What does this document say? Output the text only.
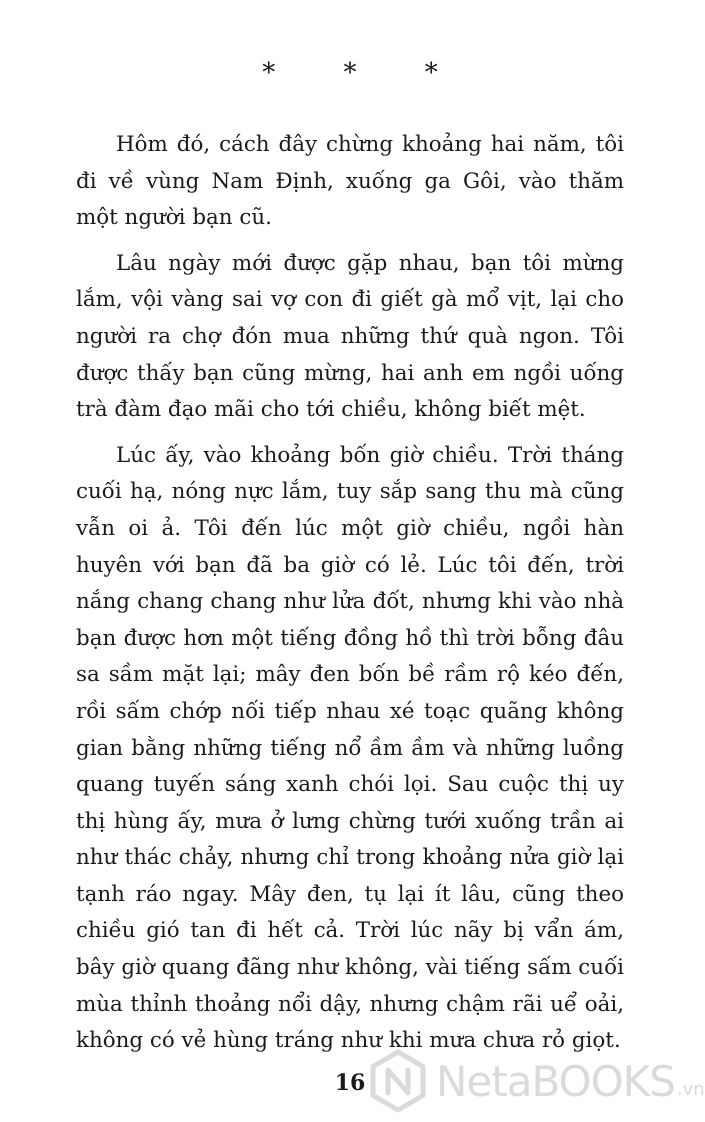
* * *

Hôm đó, cách đây chừng khoảng hai năm, tôi đi về vùng Nam Định, xuống ga Gôi, vào thăm một người bạn cũ.

Lâu ngày mới được gặp nhau, bạn tôi mừng lắm, vội vàng sai vợ con đi giết gà mổ vịt, lại cho người ra chợ đón mua những thứ quà ngon. Tôi được thấy bạn cũng mừng, hai anh em ngồi uống trà đàm đạo mãi cho tới chiều, không biết mệt.

Lúc ấy, vào khoảng bốn giờ chiều. Trời tháng cuối hạ, nóng nực lắm, tuy sắp sang thu mà cũng vẫn oi ả. Tôi đến lúc một giờ chiều, ngồi hàn huyên với bạn đã ba giờ có lẻ. Lúc tôi đến, trời nắng chang chang như lửa đốt, nhưng khi vào nhà bạn được hơn một tiếng đồng hồ thì trời bỗng đâu sa sầm mặt lại; mây đen bốn bề rầm rộ kéo đến, rồi sấm chớp nối tiếp nhau xé toạc quãng không gian bằng những tiếng nổ ầm ầm và những luồng quang tuyến sáng xanh chói lọi. Sau cuộc thị uy thị hùng ấy, mưa ở lưng chừng tưới xuống trần ai như thác chảy, nhưng chỉ trong khoảng nửa giờ lại tạnh ráo ngay. Mây đen, tụ lại ít lâu, cũng theo chiều gió tan đi hết cả. Trời lúc nãy bị vẩn ám, bây giờ quang đãng như không, vài tiếng sấm cuối mùa thỉnh thoảng nổi dậy, nhưng chậm rãi uể oải, không có vẻ hùng tráng như khi mưa chưa rỏ giọt.

16	NetaBOOKS .vn
